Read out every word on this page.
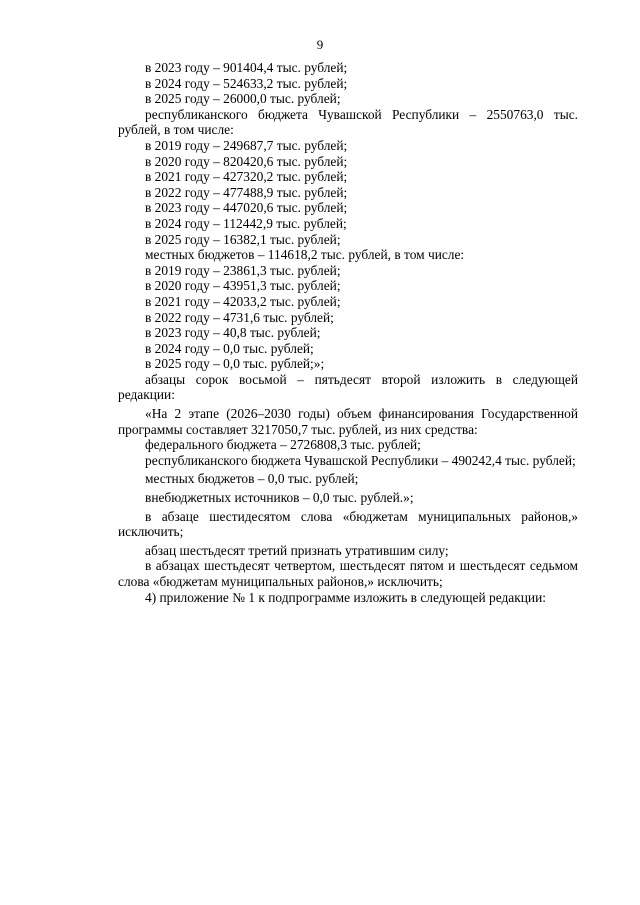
9
в 2023 году – 901404,4 тыс. рублей;
в 2024 году – 524633,2 тыс. рублей;
в 2025 году – 26000,0 тыс. рублей;
республиканского бюджета Чувашской Республики – 2550763,0 тыс. рублей, в том числе:
в 2019 году – 249687,7 тыс. рублей;
в 2020 году – 820420,6 тыс. рублей;
в 2021 году – 427320,2 тыс. рублей;
в 2022 году – 477488,9 тыс. рублей;
в 2023 году – 447020,6 тыс. рублей;
в 2024 году – 112442,9 тыс. рублей;
в 2025 году – 16382,1 тыс. рублей;
местных бюджетов – 114618,2 тыс. рублей, в том числе:
в 2019 году – 23861,3 тыс. рублей;
в 2020 году – 43951,3 тыс. рублей;
в 2021 году – 42033,2 тыс. рублей;
в 2022 году – 4731,6 тыс. рублей;
в 2023 году – 40,8 тыс. рублей;
в 2024 году – 0,0 тыс. рублей;
в 2025 году – 0,0 тыс. рублей;»;
абзацы сорок восьмой – пятьдесят второй изложить в следующей редакции:
«На 2 этапе (2026–2030 годы) объем финансирования Государственной программы составляет 3217050,7 тыс. рублей, из них средства:
федерального бюджета – 2726808,3 тыс. рублей;
республиканского бюджета Чувашской Республики – 490242,4 тыс. рублей;
местных бюджетов – 0,0 тыс. рублей;
внебюджетных источников – 0,0 тыс. рублей.»;
в абзаце шестидесятом слова «бюджетам муниципальных районов,» исключить;
абзац шестьдесят третий признать утратившим силу;
в абзацах шестьдесят четвертом, шестьдесят пятом и шестьдесят седьмом слова «бюджетам муниципальных районов,» исключить;
4) приложение № 1 к подпрограмме изложить в следующей редакции:
